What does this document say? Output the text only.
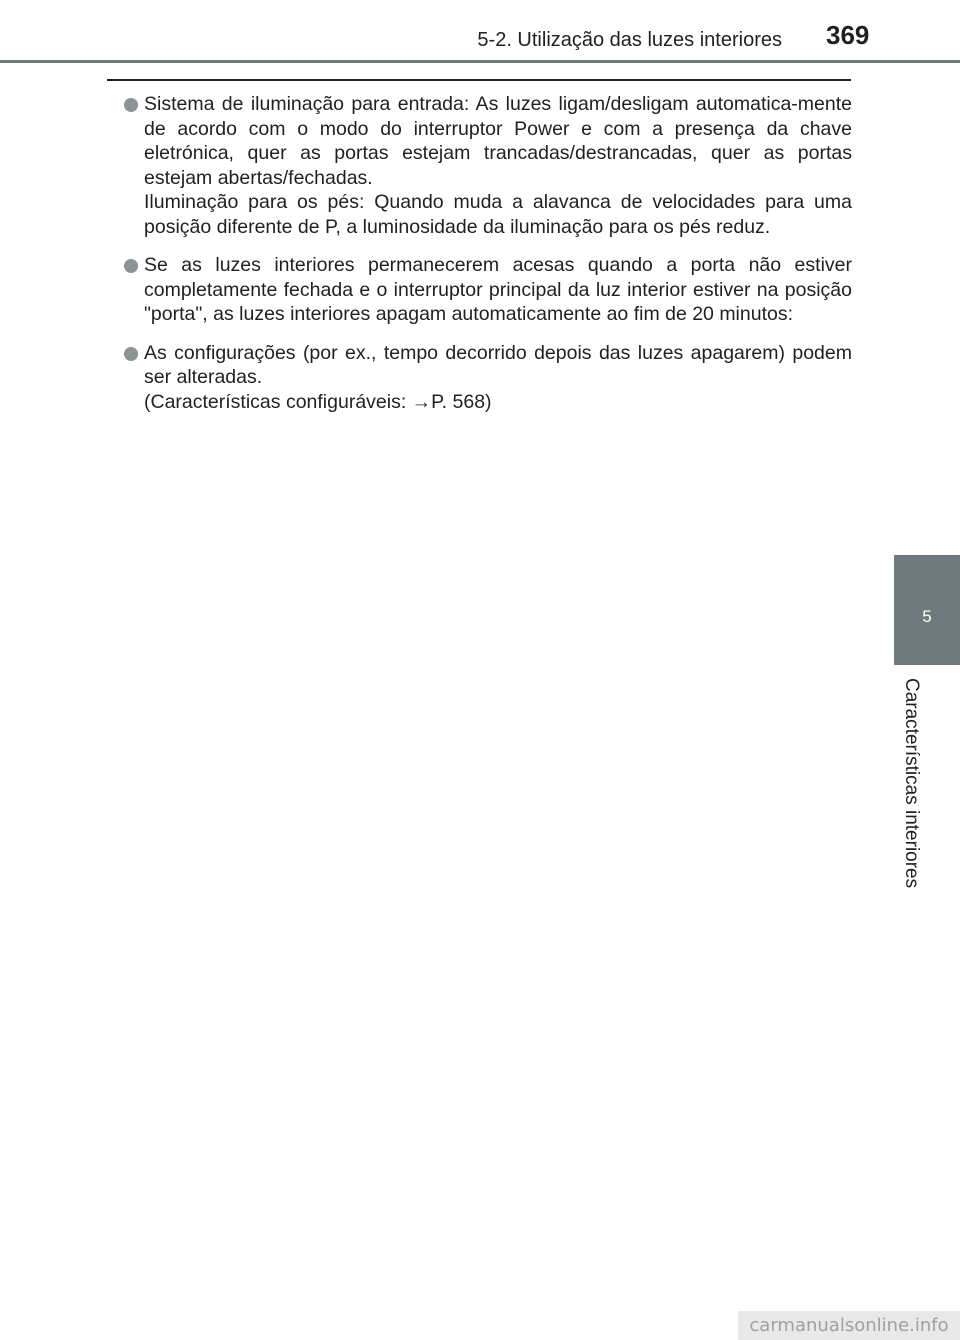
5-2. Utilização das luzes interiores 369

Sistema de iluminação para entrada: As luzes ligam/desligam automatica-mente de acordo com o modo do interruptor Power e com a presença da chave eletrónica, quer as portas estejam trancadas/destrancadas, quer as portas estejam abertas/fechadas.

Iluminação para os pés: Quando muda a alavanca de velocidades para uma posição diferente de P, a luminosidade da iluminação para os pés reduz.

Se as luzes interiores permanecerem acesas quando a porta não estiver completamente fechada e o interruptor principal da luz interior estiver na posição "porta", as luzes interiores apagam automaticamente ao fim de 20 minutos:

As configurações (por ex., tempo decorrido depois das luzes apagarem) podem ser alteradas.

(Características configuráveis: →P. 568)

5
Características interiores
carmanualsonline.info
